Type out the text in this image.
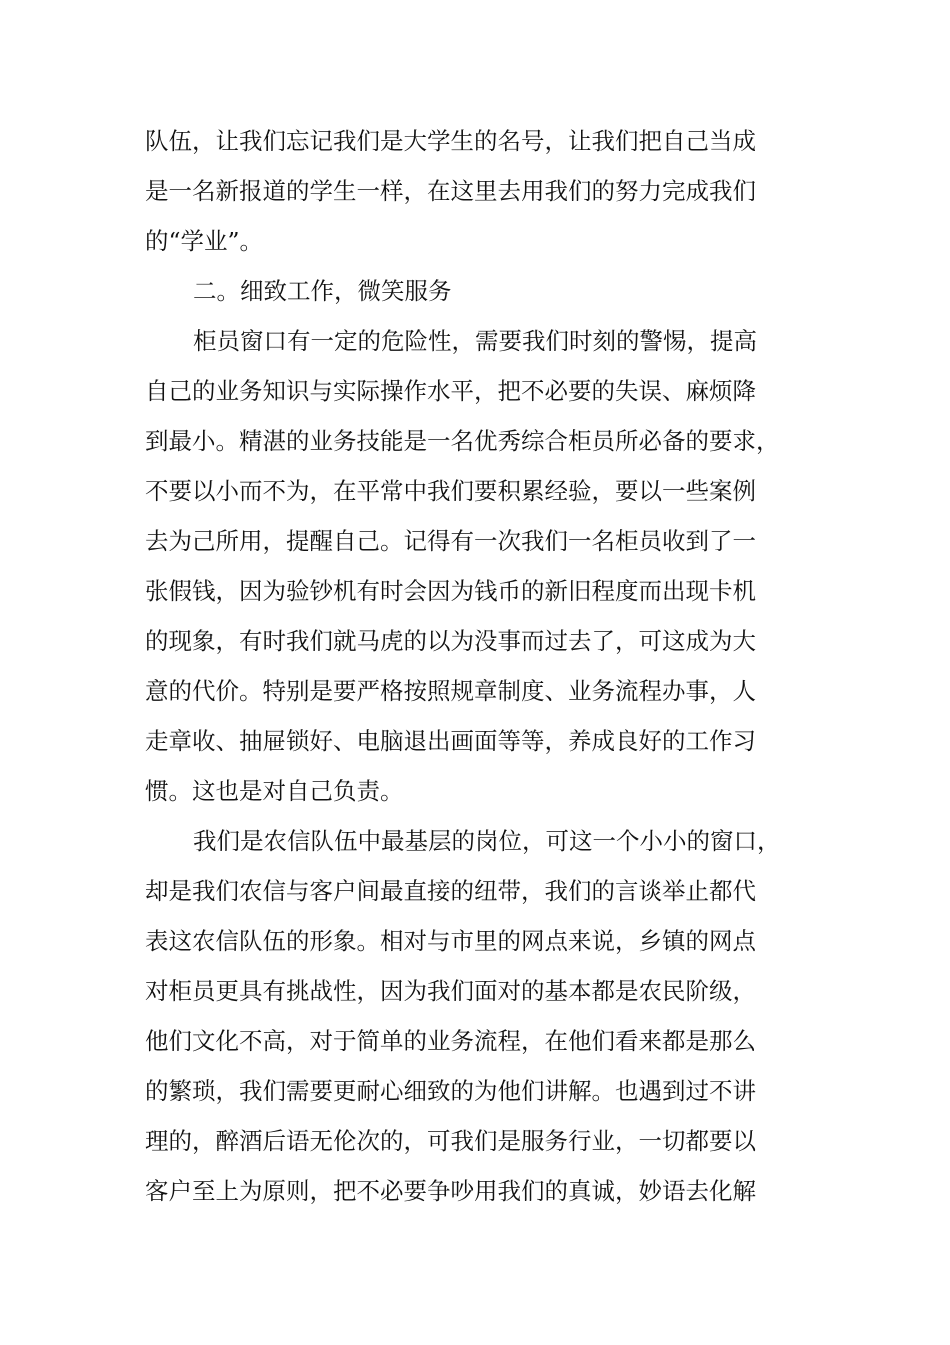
队伍，让我们忘记我们是大学生的名号，让我们把自己当成
是一名新报道的学生一样，在这里去用我们的努力完成我们
的“学业”。
二。细致工作，微笑服务
柜员窗口有一定的危险性，需要我们时刻的警惕，提高
自己的业务知识与实际操作水平，把不必要的失误、麻烦降
到最小。精湛的业务技能是一名优秀综合柜员所必备的要求，
不要以小而不为，在平常中我们要积累经验，要以一些案例
去为己所用，提醒自己。记得有一次我们一名柜员收到了一
张假钱，因为验钞机有时会因为钱币的新旧程度而出现卡机
的现象，有时我们就马虎的以为没事而过去了，可这成为大
意的代价。特别是要严格按照规章制度、业务流程办事，人
走章收、抽屉锁好、电脑退出画面等等，养成良好的工作习
惯。这也是对自己负责。
我们是农信队伍中最基层的岗位，可这一个小小的窗口，
却是我们农信与客户间最直接的纽带，我们的言谈举止都代
表这农信队伍的形象。相对与市里的网点来说，乡镇的网点
对柜员更具有挑战性，因为我们面对的基本都是农民阶级，
他们文化不高，对于简单的业务流程，在他们看来都是那么
的繁琐，我们需要更耐心细致的为他们讲解。也遇到过不讲
理的，醉酒后语无伦次的，可我们是服务行业，一切都要以
客户至上为原则，把不必要争吵用我们的真诚，妙语去化解
